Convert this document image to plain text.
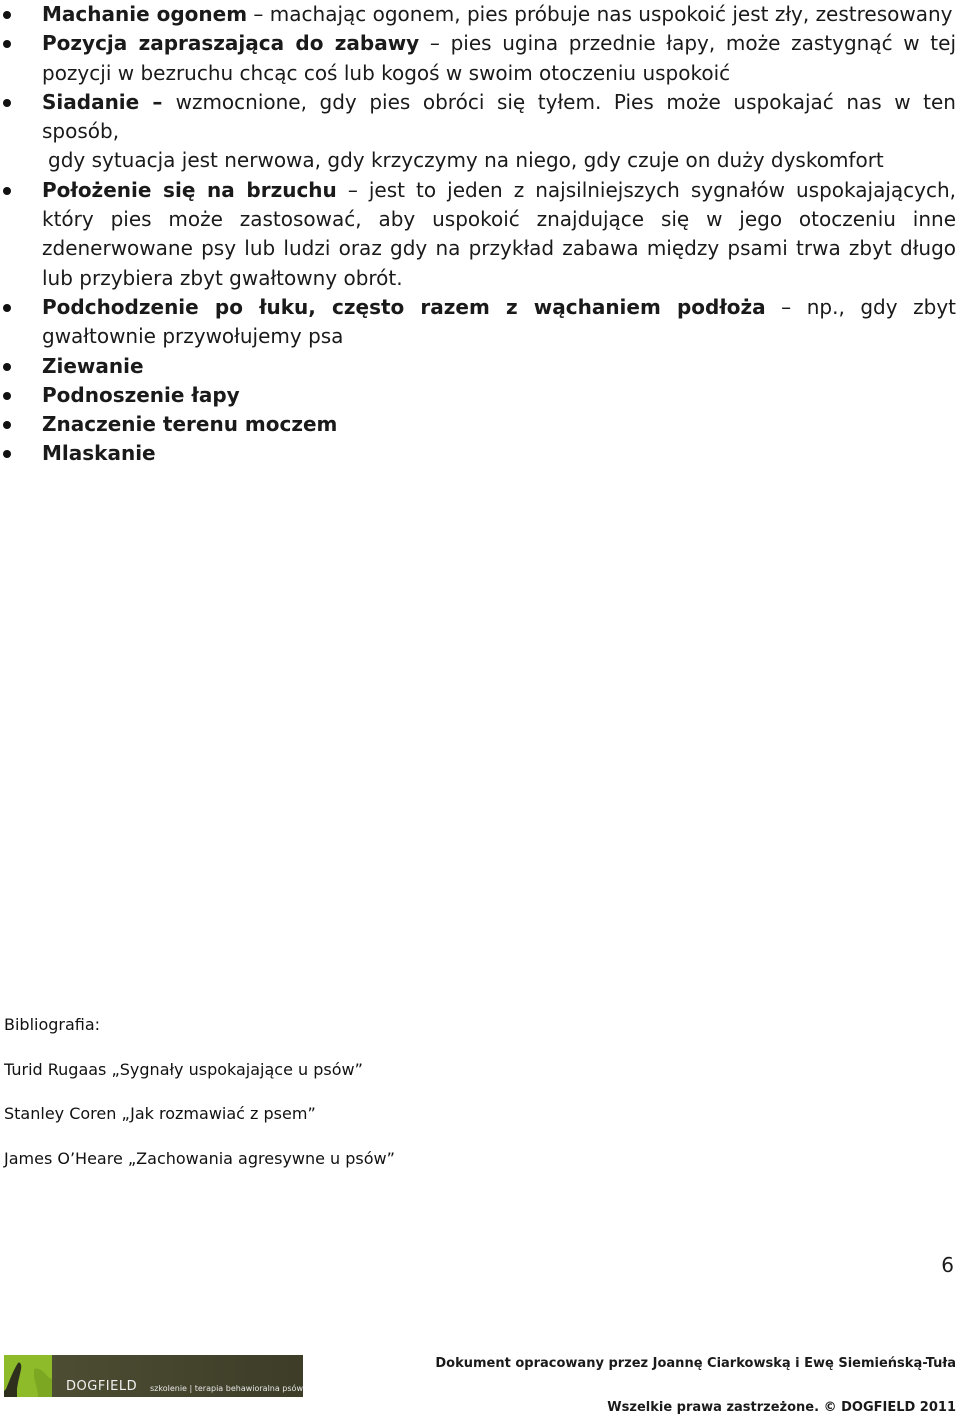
Machanie ogonem – machając ogonem, pies próbuje nas uspokoić jest zły, zestresowany
Pozycja zapraszająca do zabawy – pies ugina przednie łapy, może zastygnąć w tej pozycji w bezruchu chcąc coś lub kogoś w swoim otoczeniu uspokoić
Siadanie – wzmocnione, gdy pies obróci się tyłem. Pies może uspokajać nas w ten sposób,
gdy sytuacja jest nerwowa, gdy krzyczymy na niego, gdy czuje on duży dyskomfort
Położenie się na brzuchu – jest to jeden z najsilniejszych sygnałów uspokajających, który pies może zastosować, aby uspokoić znajdujące się w jego otoczeniu inne zdenerwowane psy lub ludzi oraz gdy na przykład zabawa między psami trwa zbyt długo lub przybiera zbyt gwałtowny obrót.
Podchodzenie po łuku, często razem z wąchaniem podłoża – np., gdy zbyt gwałtownie przywołujemy psa
Ziewanie
Podnoszenie łapy
Znaczenie terenu moczem
Mlaskanie
Bibliografia:
Turid Rugaas „Sygnały uspokajające u psów”
Stanley Coren „Jak rozmawiać z psem”
James O’Heare „Zachowania agresywne u psów”
6
DOGFIELD szkolenie | terapia behawioralna psów
Dokument opracowany przez Joannę Ciarkowską i Ewę Siemieńską-Tuła
Wszelkie prawa zastrzeżone. © DOGFIELD 2011
